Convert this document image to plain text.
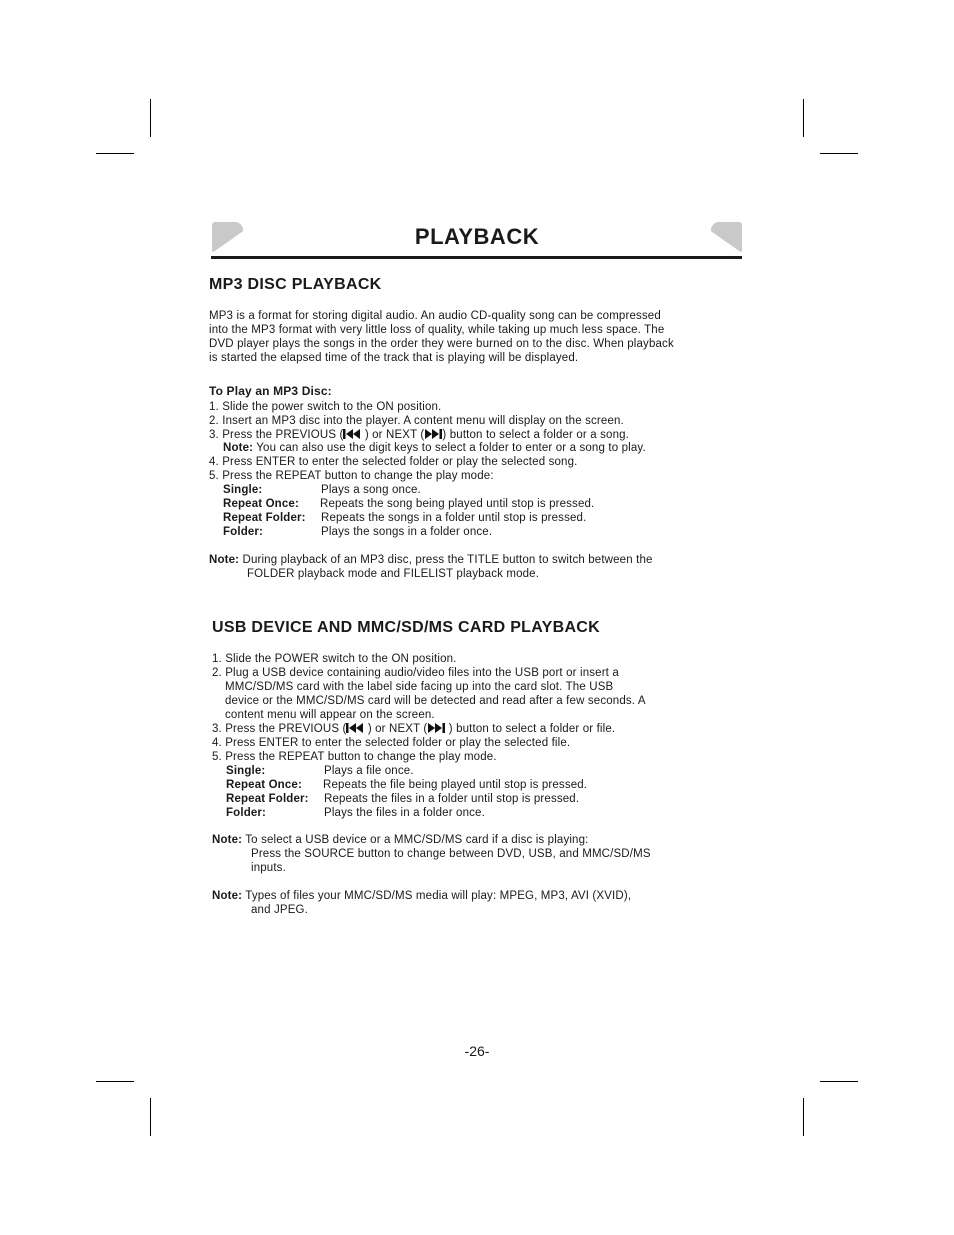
PLAYBACK
MP3 DISC PLAYBACK
MP3 is a format for storing digital audio. An audio CD-quality song can be compressed
into the MP3 format with very little loss of quality, while taking up much less space. The
DVD player plays the songs in the order they were burned on to the disc. When playback
is started the elapsed time of the track that is playing will be displayed.
To Play an MP3 Disc:
1. Slide the power switch to the ON position.
2. Insert an MP3 disc into the player. A content menu will display on the screen.
3. Press the PREVIOUS ( ) or NEXT ( ) button to select a folder or a song.
Note: You can also use the digit keys to select a folder to enter or a song to play.
4. Press ENTER to enter the selected folder or play the selected song.
5. Press the REPEAT button to change the play mode:
Single:	Plays a song once.
Repeat Once: Repeats the song being played until stop is pressed.
Repeat Folder: Repeats the songs in a folder until stop is pressed.
Folder:	Plays the songs in a folder once.
Note: During playback of an MP3 disc, press the TITLE button to switch between the
FOLDER playback mode and FILELIST playback mode.
USB DEVICE AND MMC/SD/MS CARD PLAYBACK
1. Slide the POWER switch to the ON position.
2. Plug a USB device containing audio/video files into the USB port or insert a
MMC/SD/MS card with the label side facing up into the card slot. The USB
device or the MMC/SD/MS card will be detected and read after a few seconds. A
content menu will appear on the screen.
3. Press the PREVIOUS ( ) or NEXT ( ) button to select a folder or file.
4. Press ENTER to enter the selected folder or play the selected file.
5. Press the REPEAT button to change the play mode.
Single:	Plays a file once.
Repeat Once: Repeats the file being played until stop is pressed.
Repeat Folder: Repeats the files in a folder until stop is pressed.
Folder:	Plays the files in a folder once.
Note: To select a USB device or a MMC/SD/MS card if a disc is playing:
Press the SOURCE button to change between DVD, USB, and MMC/SD/MS
inputs.
Note: Types of files your MMC/SD/MS media will play: MPEG, MP3, AVI (XVID),
and JPEG.
-26-
